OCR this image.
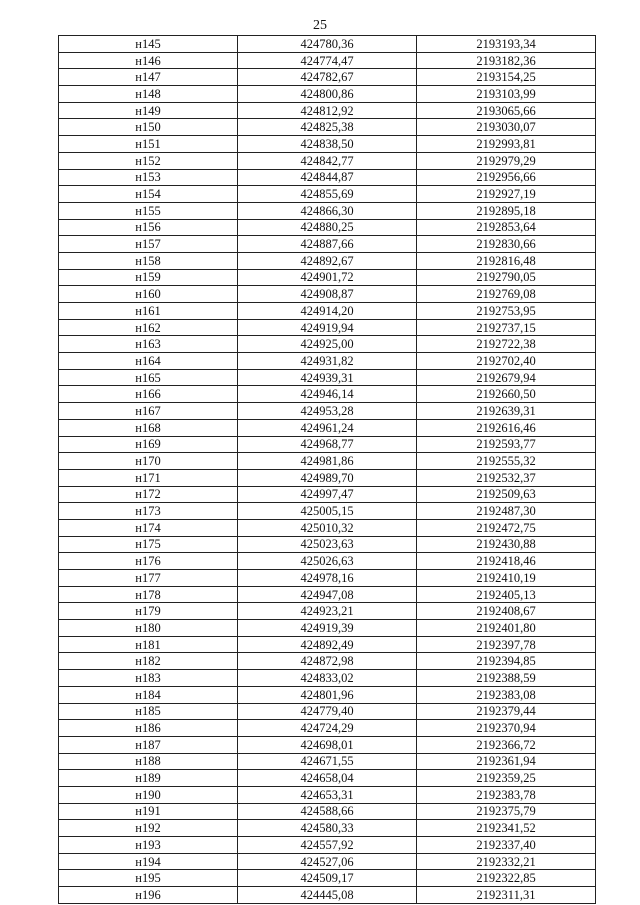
25
н145	424780,36	2193193,34
н146	424774,47	2193182,36
н147	424782,67	2193154,25
н148	424800,86	2193103,99
н149	424812,92	2193065,66
н150	424825,38	2193030,07
н151	424838,50	2192993,81
н152	424842,77	2192979,29
н153	424844,87	2192956,66
н154	424855,69	2192927,19
н155	424866,30	2192895,18
н156	424880,25	2192853,64
н157	424887,66	2192830,66
н158	424892,67	2192816,48
н159	424901,72	2192790,05
н160	424908,87	2192769,08
н161	424914,20	2192753,95
н162	424919,94	2192737,15
н163	424925,00	2192722,38
н164	424931,82	2192702,40
н165	424939,31	2192679,94
н166	424946,14	2192660,50
н167	424953,28	2192639,31
н168	424961,24	2192616,46
н169	424968,77	2192593,77
н170	424981,86	2192555,32
н171	424989,70	2192532,37
н172	424997,47	2192509,63
н173	425005,15	2192487,30
н174	425010,32	2192472,75
н175	425023,63	2192430,88
н176	425026,63	2192418,46
н177	424978,16	2192410,19
н178	424947,08	2192405,13
н179	424923,21	2192408,67
н180	424919,39	2192401,80
н181	424892,49	2192397,78
н182	424872,98	2192394,85
н183	424833,02	2192388,59
н184	424801,96	2192383,08
н185	424779,40	2192379,44
н186	424724,29	2192370,94
н187	424698,01	2192366,72
н188	424671,55	2192361,94
н189	424658,04	2192359,25
н190	424653,31	2192383,78
н191	424588,66	2192375,79
н192	424580,33	2192341,52
н193	424557,92	2192337,40
н194	424527,06	2192332,21
н195	424509,17	2192322,85
н196	424445,08	2192311,31
